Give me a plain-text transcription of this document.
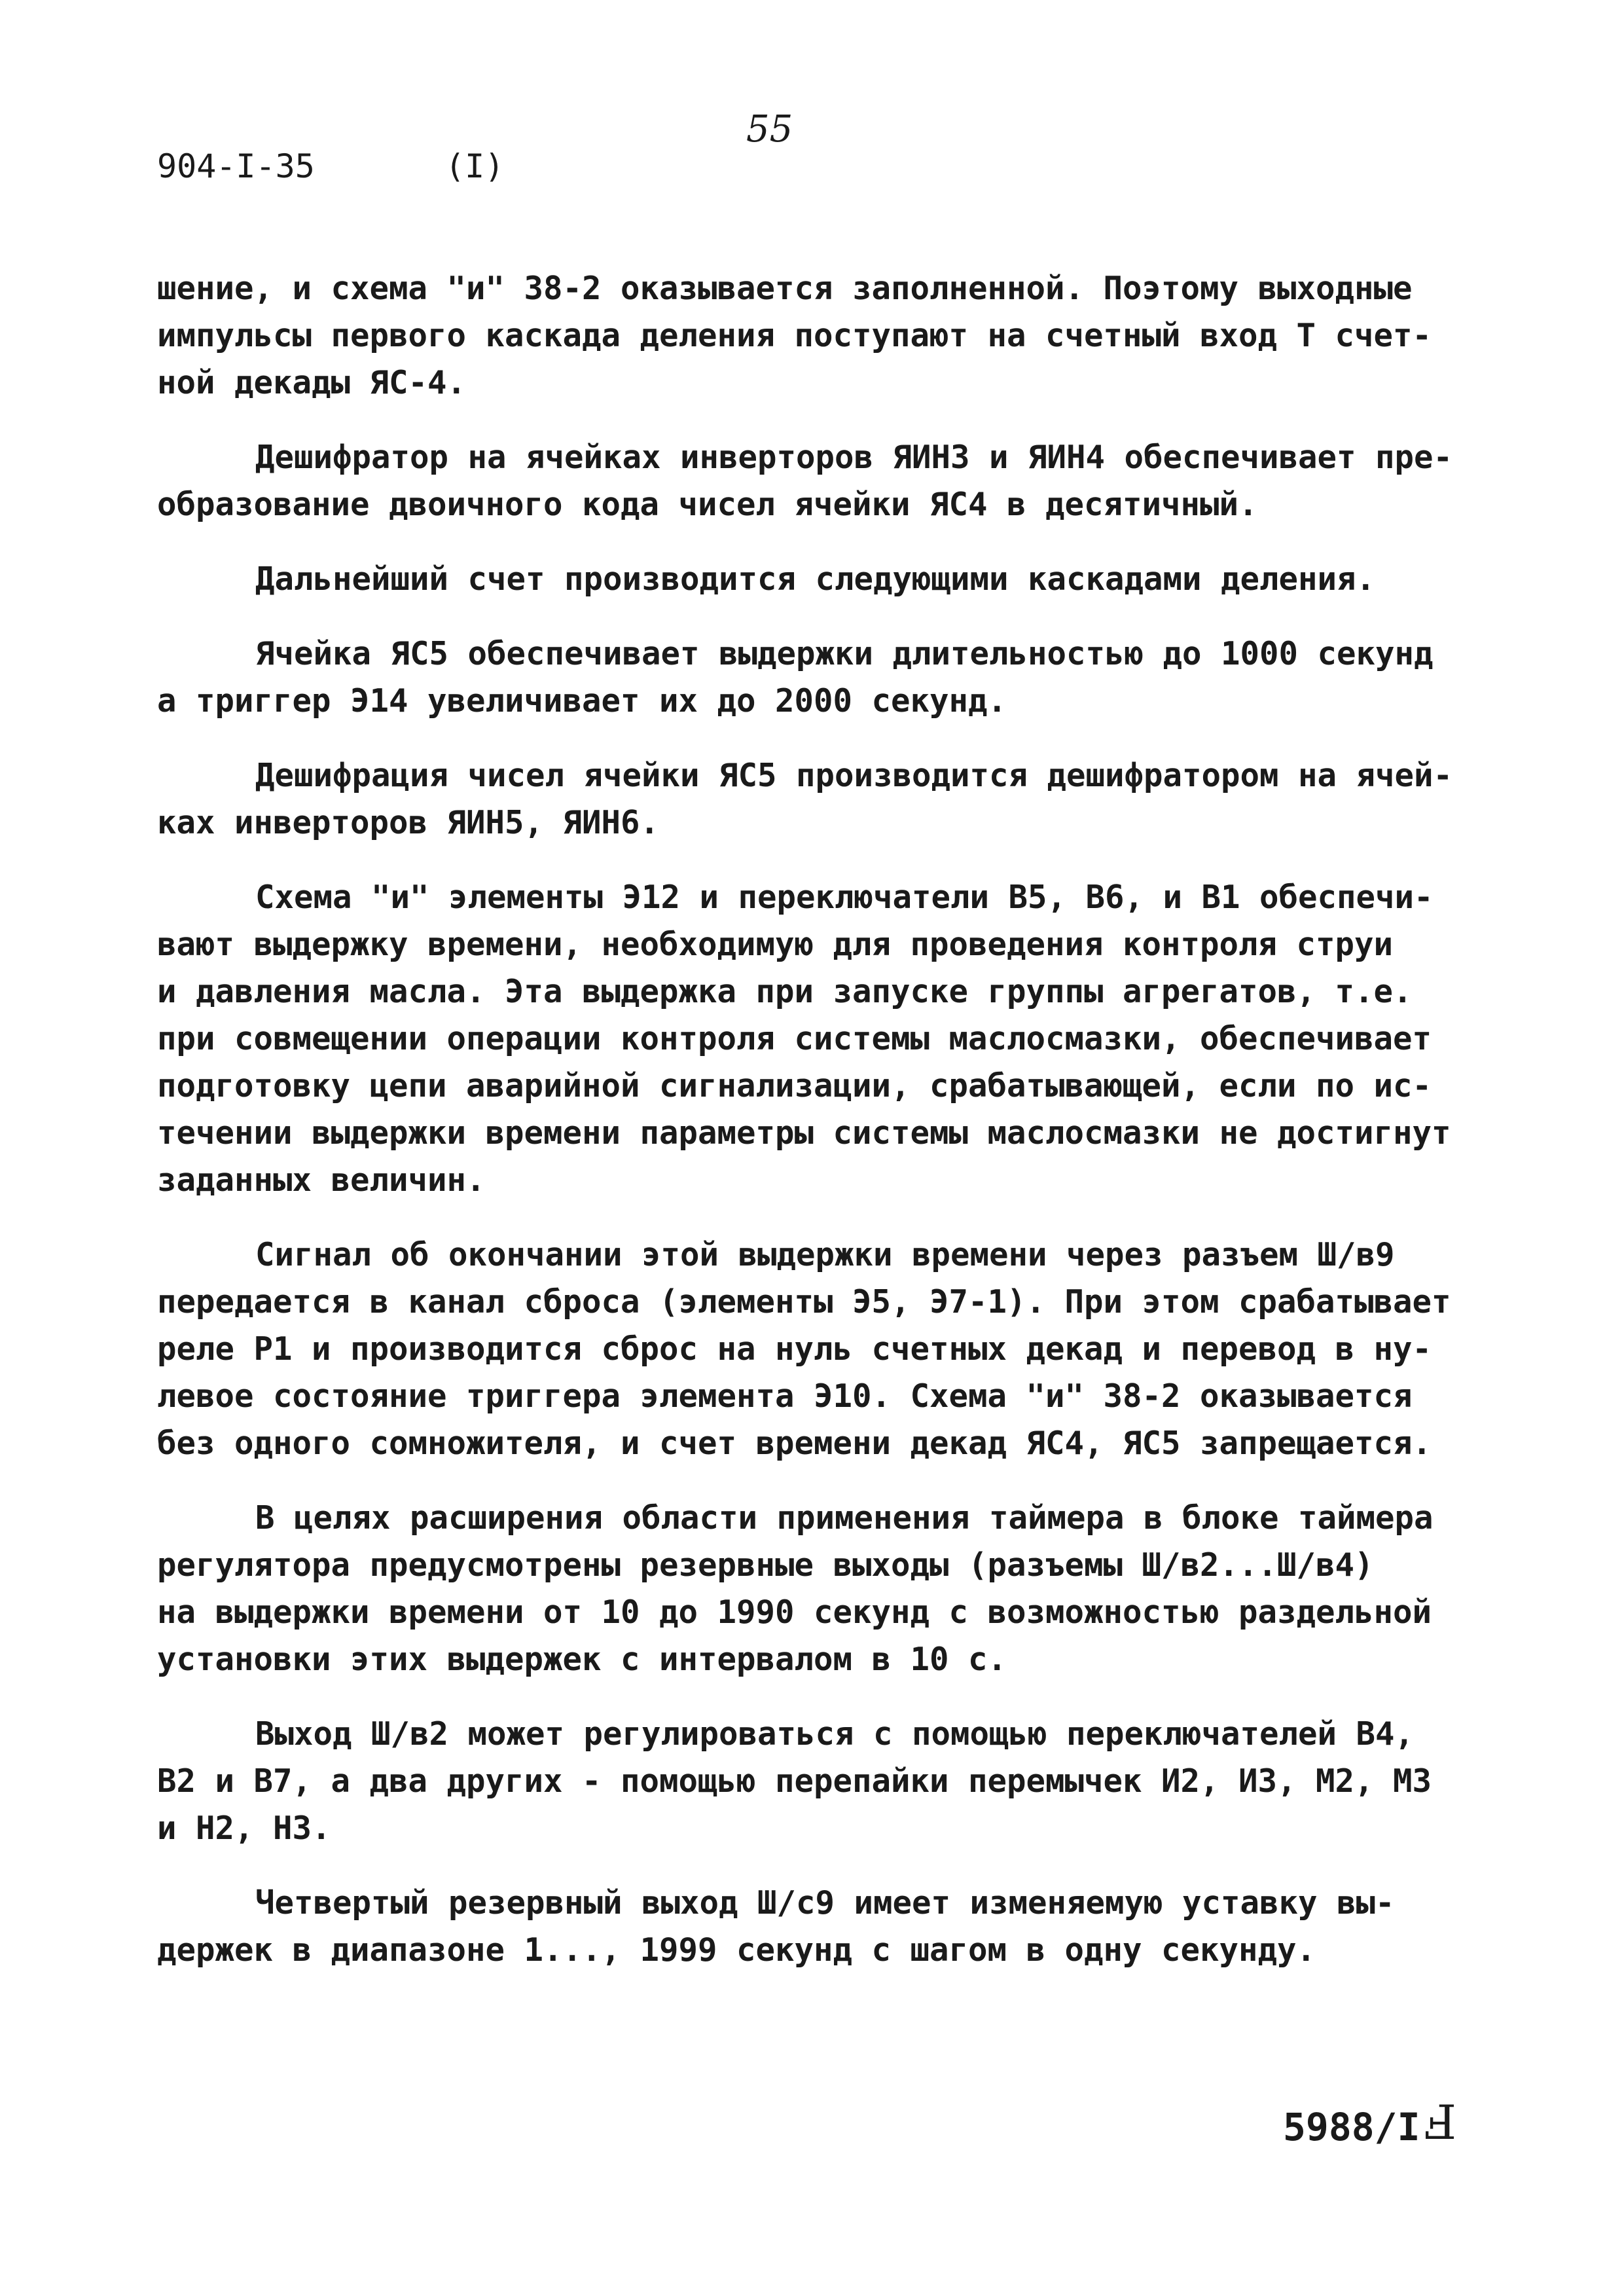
904-I-35	(I)
55

шение, и схема "и" 38-2 оказывается заполненной. Поэтому выходные
импульсы первого каскада деления поступают на счетный вход Т счет-
ной декады ЯС-4.

Дешифратор на ячейках инверторов ЯИН3 и ЯИН4 обеспечивает пре-
образование двоичного кода чисел ячейки ЯС4 в десятичный.

Дальнейший счет производится следующими каскадами деления.

Ячейка ЯС5 обеспечивает выдержки длительностью до 1000 секунд
а триггер Э14 увеличивает их до 2000 секунд.

Дешифрация чисел ячейки ЯС5 производится дешифратором на ячей-
ках инверторов ЯИН5, ЯИН6.

Схема "и" элементы Э12 и переключатели В5, В6, и В1 обеспечи-
вают выдержку времени, необходимую для проведения контроля струи
и давления масла. Эта выдержка при запуске группы агрегатов, т.е.
при совмещении операции контроля системы маслосмазки, обеспечивает
подготовку цепи аварийной сигнализации, срабатывающей, если по ис-
течении выдержки времени параметры системы маслосмазки не достигнут
заданных величин.

Сигнал об окончании этой выдержки времени через разъем Ш/в9
передается в канал сброса (элементы Э5, Э7-1). При этом срабатывает
реле Р1 и производится сброс на нуль счетных декад и перевод в ну-
левое состояние триггера элемента Э10. Схема "и" 38-2 оказывается
без одного сомножителя, и счет времени декад ЯС4, ЯС5 запрещается.

В целях расширения области применения таймера в блоке таймера
регулятора предусмотрены резервные выходы (разъемы Ш/в2...Ш/в4)
на выдержки времени от 10 до 1990 секунд с возможностью раздельной
установки этих выдержек с интервалом в 10 с.

Выход Ш/в2 может регулироваться с помощью переключателей В4,
В2 и В7, а два других - помощью перепайки перемычек И2, И3, М2, М3
и Н2, Н3.

Четвертый резервный выход Ш/с9 имеет изменяемую уставку вы-
держек в диапазоне 1..., 1999 секунд с шагом в одну секунду.

5988/I Ⅎ
